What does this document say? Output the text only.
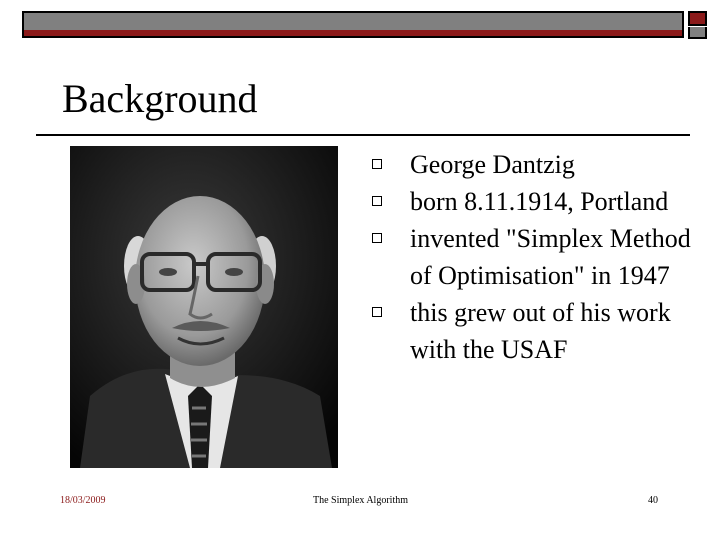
Background
George Dantzig
born 8.11.1914, Portland
invented "Simplex Method of Optimisation" in 1947
this grew out of his work with the USAF
18/03/2009	The Simplex Algorithm	40
